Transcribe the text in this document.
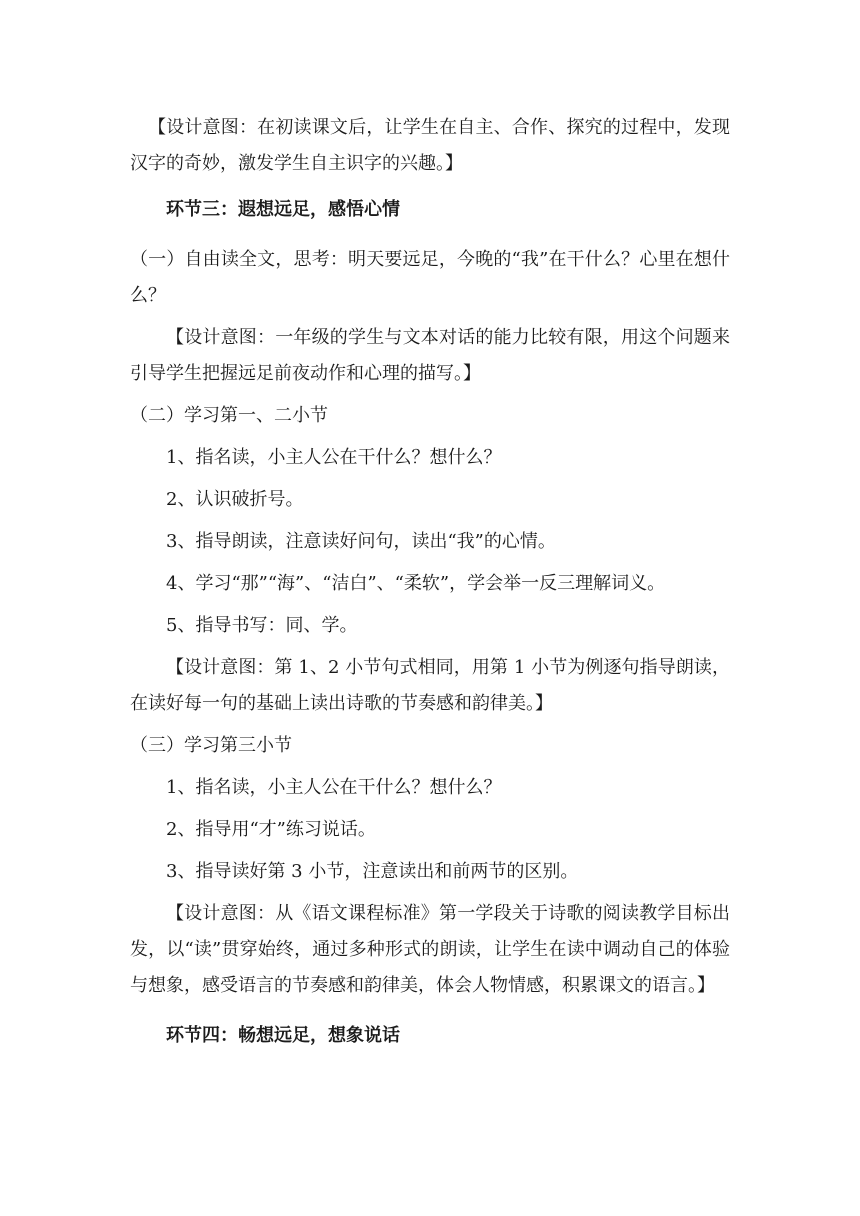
【设计意图：在初读课文后，让学生在自主、合作、探究的过程中，发现汉字的奇妙，激发学生自主识字的兴趣。】

环节三：遐想远足，感悟心情

（一）自由读全文，思考：明天要远足，今晚的“我”在干什么？心里在想什么？

【设计意图：一年级的学生与文本对话的能力比较有限，用这个问题来引导学生把握远足前夜动作和心理的描写。】

（二）学习第一、二小节

1、指名读，小主人公在干什么？想什么？

2、认识破折号。

3、指导朗读，注意读好问句，读出“我”的心情。

4、学习“那”“海”、“洁白”、“柔软”，学会举一反三理解词义。

5、指导书写：同、学。

【设计意图：第 1、2 小节句式相同，用第 1 小节为例逐句指导朗读，在读好每一句的基础上读出诗歌的节奏感和韵律美。】

（三）学习第三小节

1、指名读，小主人公在干什么？想什么？

2、指导用“才”练习说话。

3、指导读好第 3 小节，注意读出和前两节的区别。

【设计意图：从《语文课程标准》第一学段关于诗歌的阅读教学目标出发，以“读”贯穿始终，通过多种形式的朗读，让学生在读中调动自己的体验与想象，感受语言的节奏感和韵律美，体会人物情感，积累课文的语言。】

环节四：畅想远足，想象说话
